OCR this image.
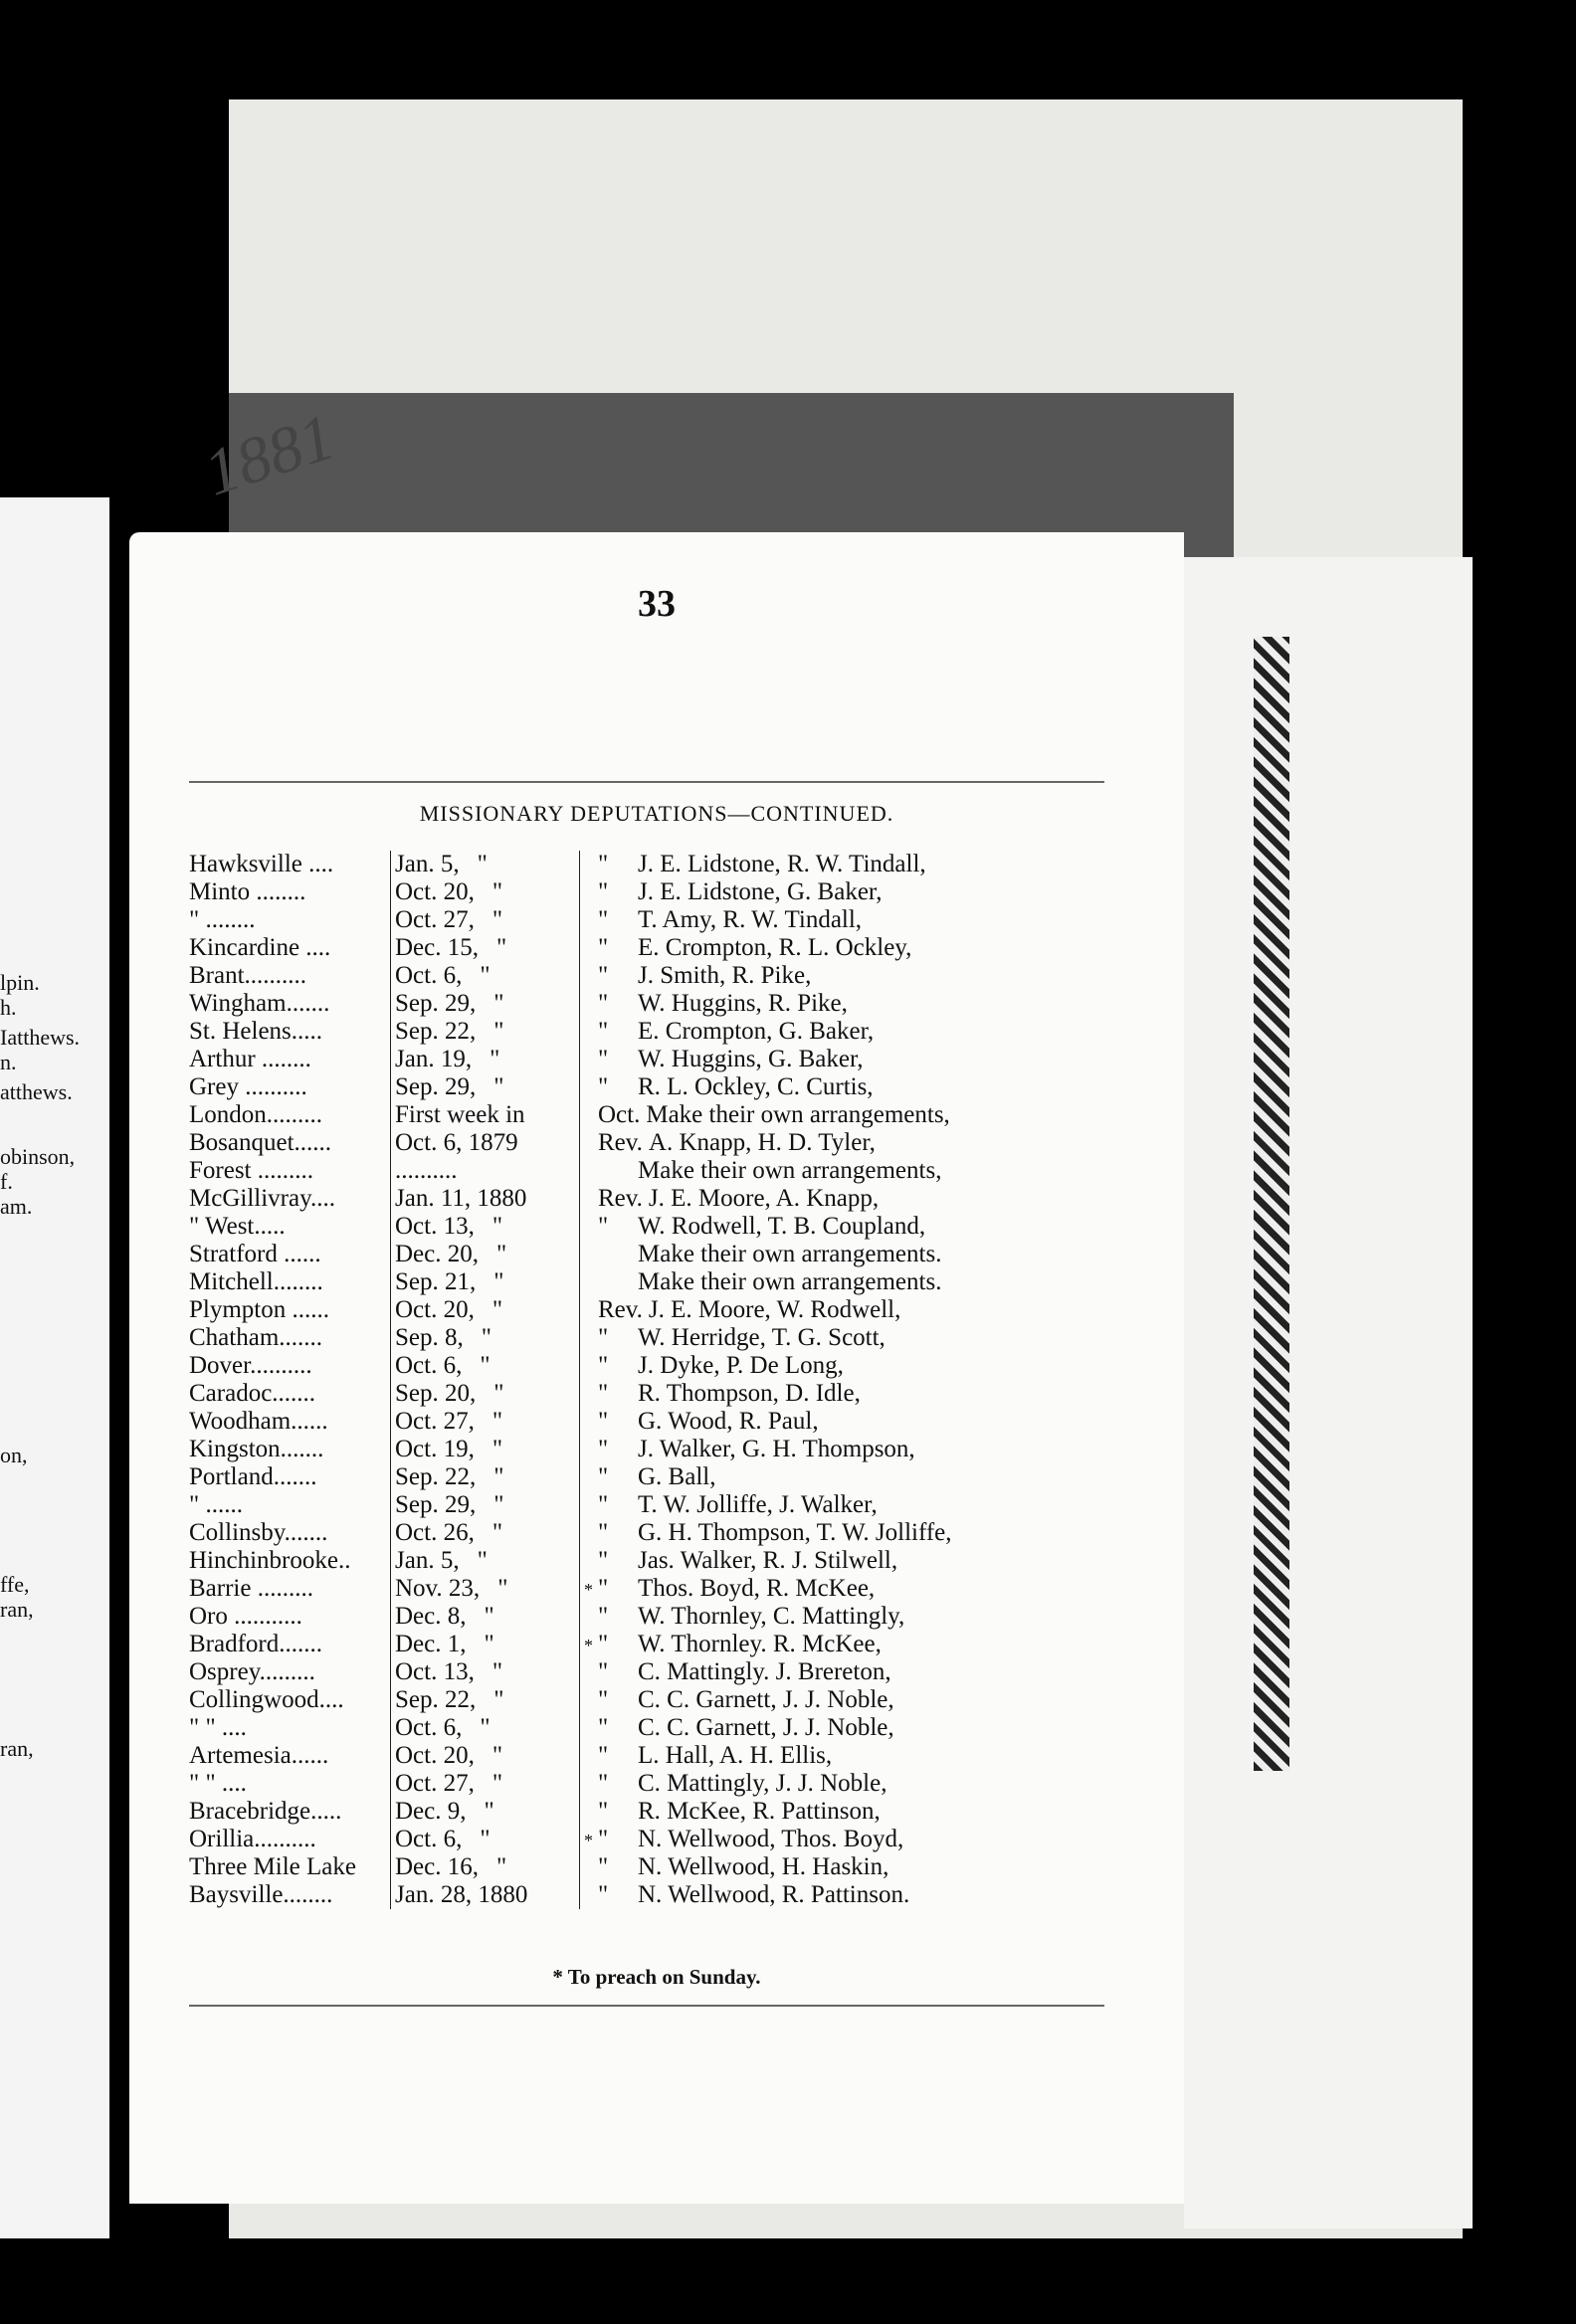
1881
lpin.
h.
Iatthews.
n.
atthews.
obinson,
f.
am.
on,
ffe,
ran,
ran,
33
MISSIONARY DEPUTATIONS—CONTINUED.
Hawksville ....	Jan. 5, "	" J. E. Lidstone, R. W. Tindall,
Minto ........	Oct. 20, "	" J. E. Lidstone, G. Baker,
" ........	Oct. 27, "	" T. Amy, R. W. Tindall,
Kincardine ....	Dec. 15, "	" E. Crompton, R. L. Ockley,
Brant..........	Oct. 6, "	" J. Smith, R. Pike,
Wingham.......	Sep. 29, "	" W. Huggins, R. Pike,
St. Helens.....	Sep. 22, "	" E. Crompton, G. Baker,
Arthur ........	Jan. 19, "	" W. Huggins, G. Baker,
Grey ..........	Sep. 29, "	" R. L. Ockley, C. Curtis,
London.........	First week in	Oct. Make their own arrangements,
Bosanquet......	Oct. 6, 1879	Rev. A. Knapp, H. D. Tyler,
Forest .........	..........	Make their own arrangements,
McGillivray....	Jan. 11, 1880	Rev. J. E. Moore, A. Knapp,
" West.....	Oct. 13, "	" W. Rodwell, T. B. Coupland,
Stratford ......	Dec. 20, "	Make their own arrangements.
Mitchell........	Sep. 21, "	Make their own arrangements.
Plympton ......	Oct. 20, "	Rev. J. E. Moore, W. Rodwell,
Chatham.......	Sep. 8, "	" W. Herridge, T. G. Scott,
Dover..........	Oct. 6, "	" J. Dyke, P. De Long,
Caradoc.......	Sep. 20, "	" R. Thompson, D. Idle,
Woodham......	Oct. 27, "	" G. Wood, R. Paul,
Kingston.......	Oct. 19, "	" J. Walker, G. H. Thompson,
Portland.......	Sep. 22, "	" G. Ball,
" ......	Sep. 29, "	" T. W. Jolliffe, J. Walker,
Collinsby.......	Oct. 26, "	" G. H. Thompson, T. W. Jolliffe,
Hinchinbrooke..	Jan. 5, "	" Jas. Walker, R. J. Stilwell,
Barrie .........	Nov. 23, "	* " Thos. Boyd, R. McKee,
Oro ...........	Dec. 8, "	" W. Thornley, C. Mattingly,
Bradford.......	Dec. 1, "	* " W. Thornley. R. McKee,
Osprey.........	Oct. 13, "	" C. Mattingly. J. Brereton,
Collingwood....	Sep. 22, "	" C. C. Garnett, J. J. Noble,
" " ....	Oct. 6, "	" C. C. Garnett, J. J. Noble,
Artemesia......	Oct. 20, "	" L. Hall, A. H. Ellis,
" " ....	Oct. 27, "	" C. Mattingly, J. J. Noble,
Bracebridge.....	Dec. 9, "	" R. McKee, R. Pattinson,
Orillia..........	Oct. 6, "	* " N. Wellwood, Thos. Boyd,
Three Mile Lake	Dec. 16, "	" N. Wellwood, H. Haskin,
Baysville........	Jan. 28, 1880	" N. Wellwood, R. Pattinson.
* To preach on Sunday.
